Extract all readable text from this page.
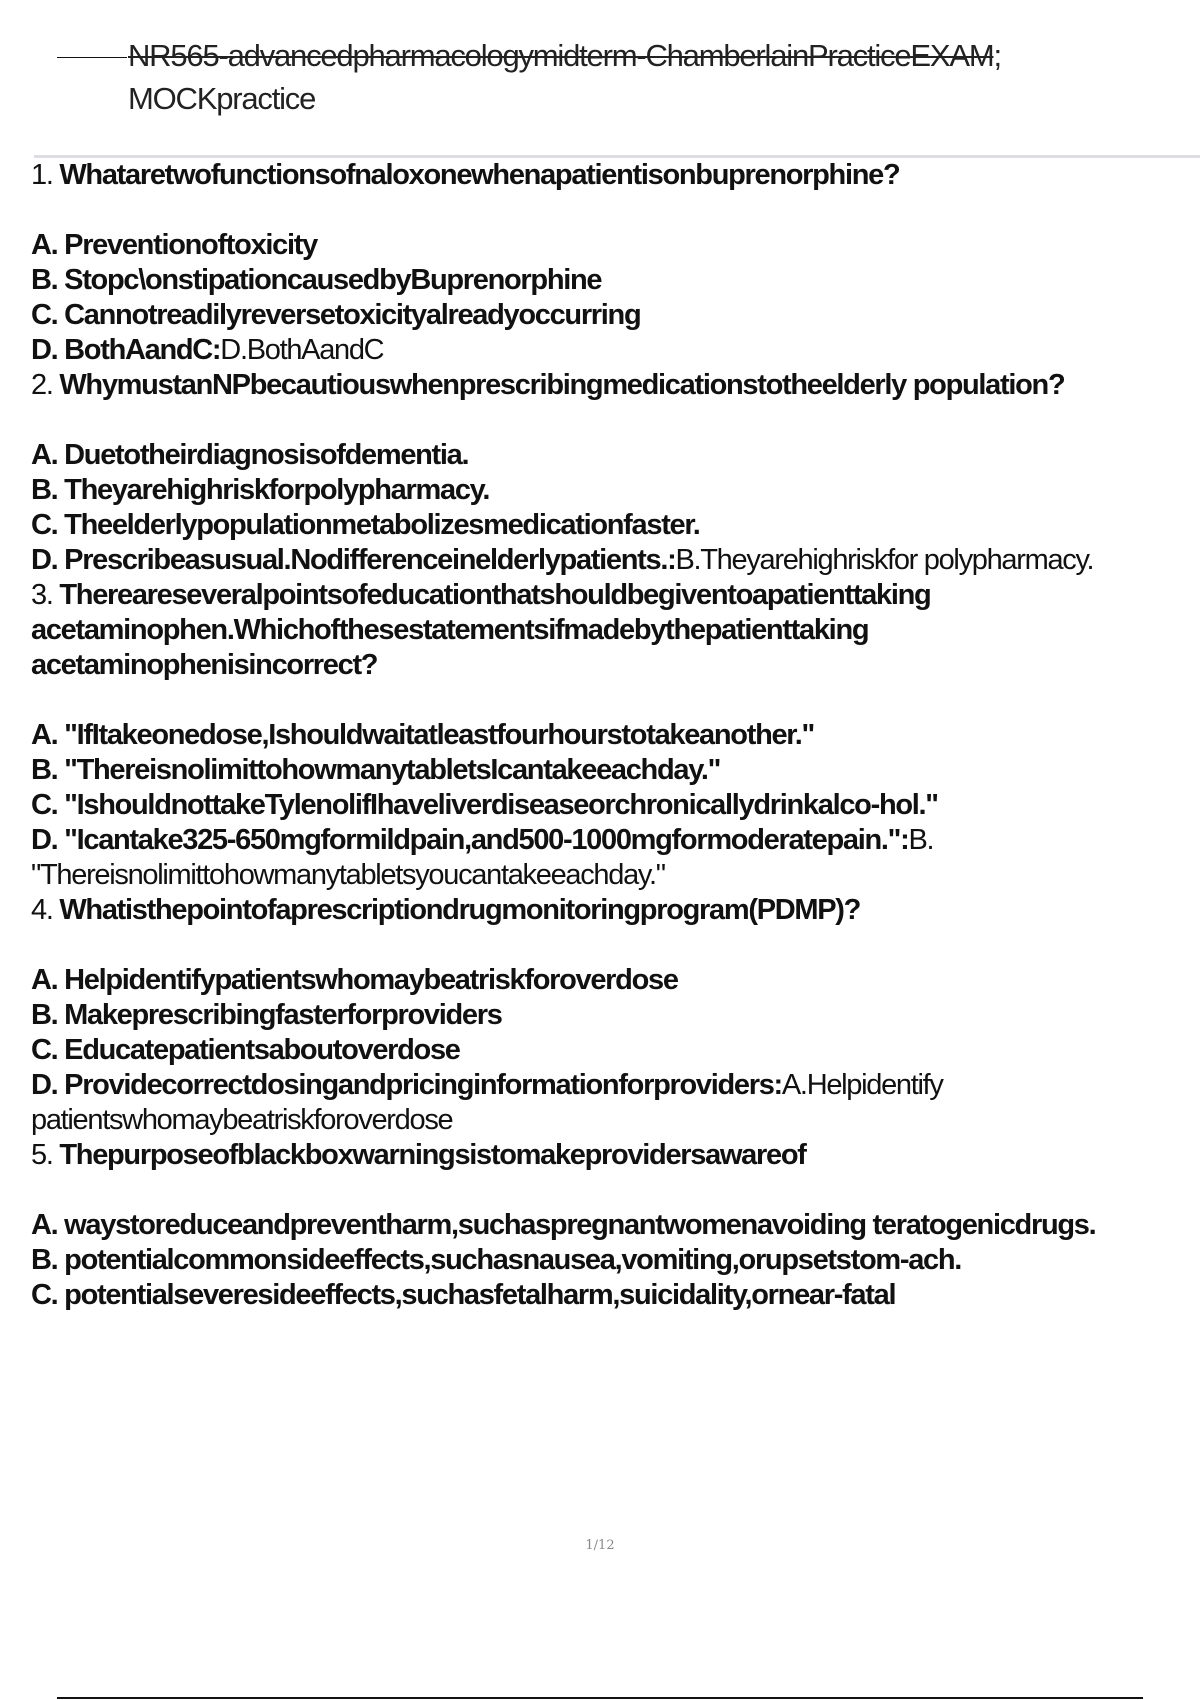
NR565-advancedpharmacologymidterm-ChamberlainPracticeEXAM;
MOCKpractice

1. Whataretwofunctionsofnaloxonewhenapatientisonbuprenorphine?

A. Preventionoftoxicity

B. Stopc\onstipationcausedbyBuprenorphine

C. Cannotreadilyreversetoxicityalreadyoccurring

D. BothAandC:D.BothAandC

2. WhymustanNPbecautiouswhenprescribingmedicationstotheelderly population?

A. Duetotheirdiagnosisofdementia.

B. Theyarehighriskforpolypharmacy.

C. Theelderlypopulationmetabolizesmedicationfaster.

D. Prescribeasusual.Nodifferenceinelderlypatients.:B.Theyarehighriskfor polypharmacy.

3. Thereareseveralpointsofeducationthatshouldbegiventoapatienttaking acetaminophen.Whichofthesestatementsifmadebythepatienttaking acetaminophenisincorrect?

A. "IfItakeonedose,Ishouldwaitatleastfourhourstotakeanother."

B. "ThereisnolimittohowmanytabletsIcantakeeachday."

C. "IshouldnottakeTylenolifIhaveliverdiseaseorchronicallydrinkalco-hol."

D. "Icantake325-650mgformildpain,and500-1000mgformoderatepain.":B. "Thereisnolimittohowmanytabletsyoucantakeeachday."

4. Whatisthepointofaprescriptiondrugmonitoringprogram(PDMP)?

A. Helpidentifypatientswhomaybeatriskforoverdose

B. Makeprescribingfasterforproviders

C. Educatepatientsaboutoverdose

D. Providecorrectdosingandpricinginformationforproviders:A.Helpidentify patientswhomaybeatriskforoverdose

5. Thepurposeofblackboxwarningsistomakeprovidersawareof

A. waystoreduceandpreventharm,suchaspregnantwomenavoiding teratogenicdrugs.

B. potentialcommonsideeffects,suchasnausea,vomiting,orupsetstom-ach.

C. potentialseveresideeffects,suchasfetalharm,suicidality,ornear-fatal

1/12
